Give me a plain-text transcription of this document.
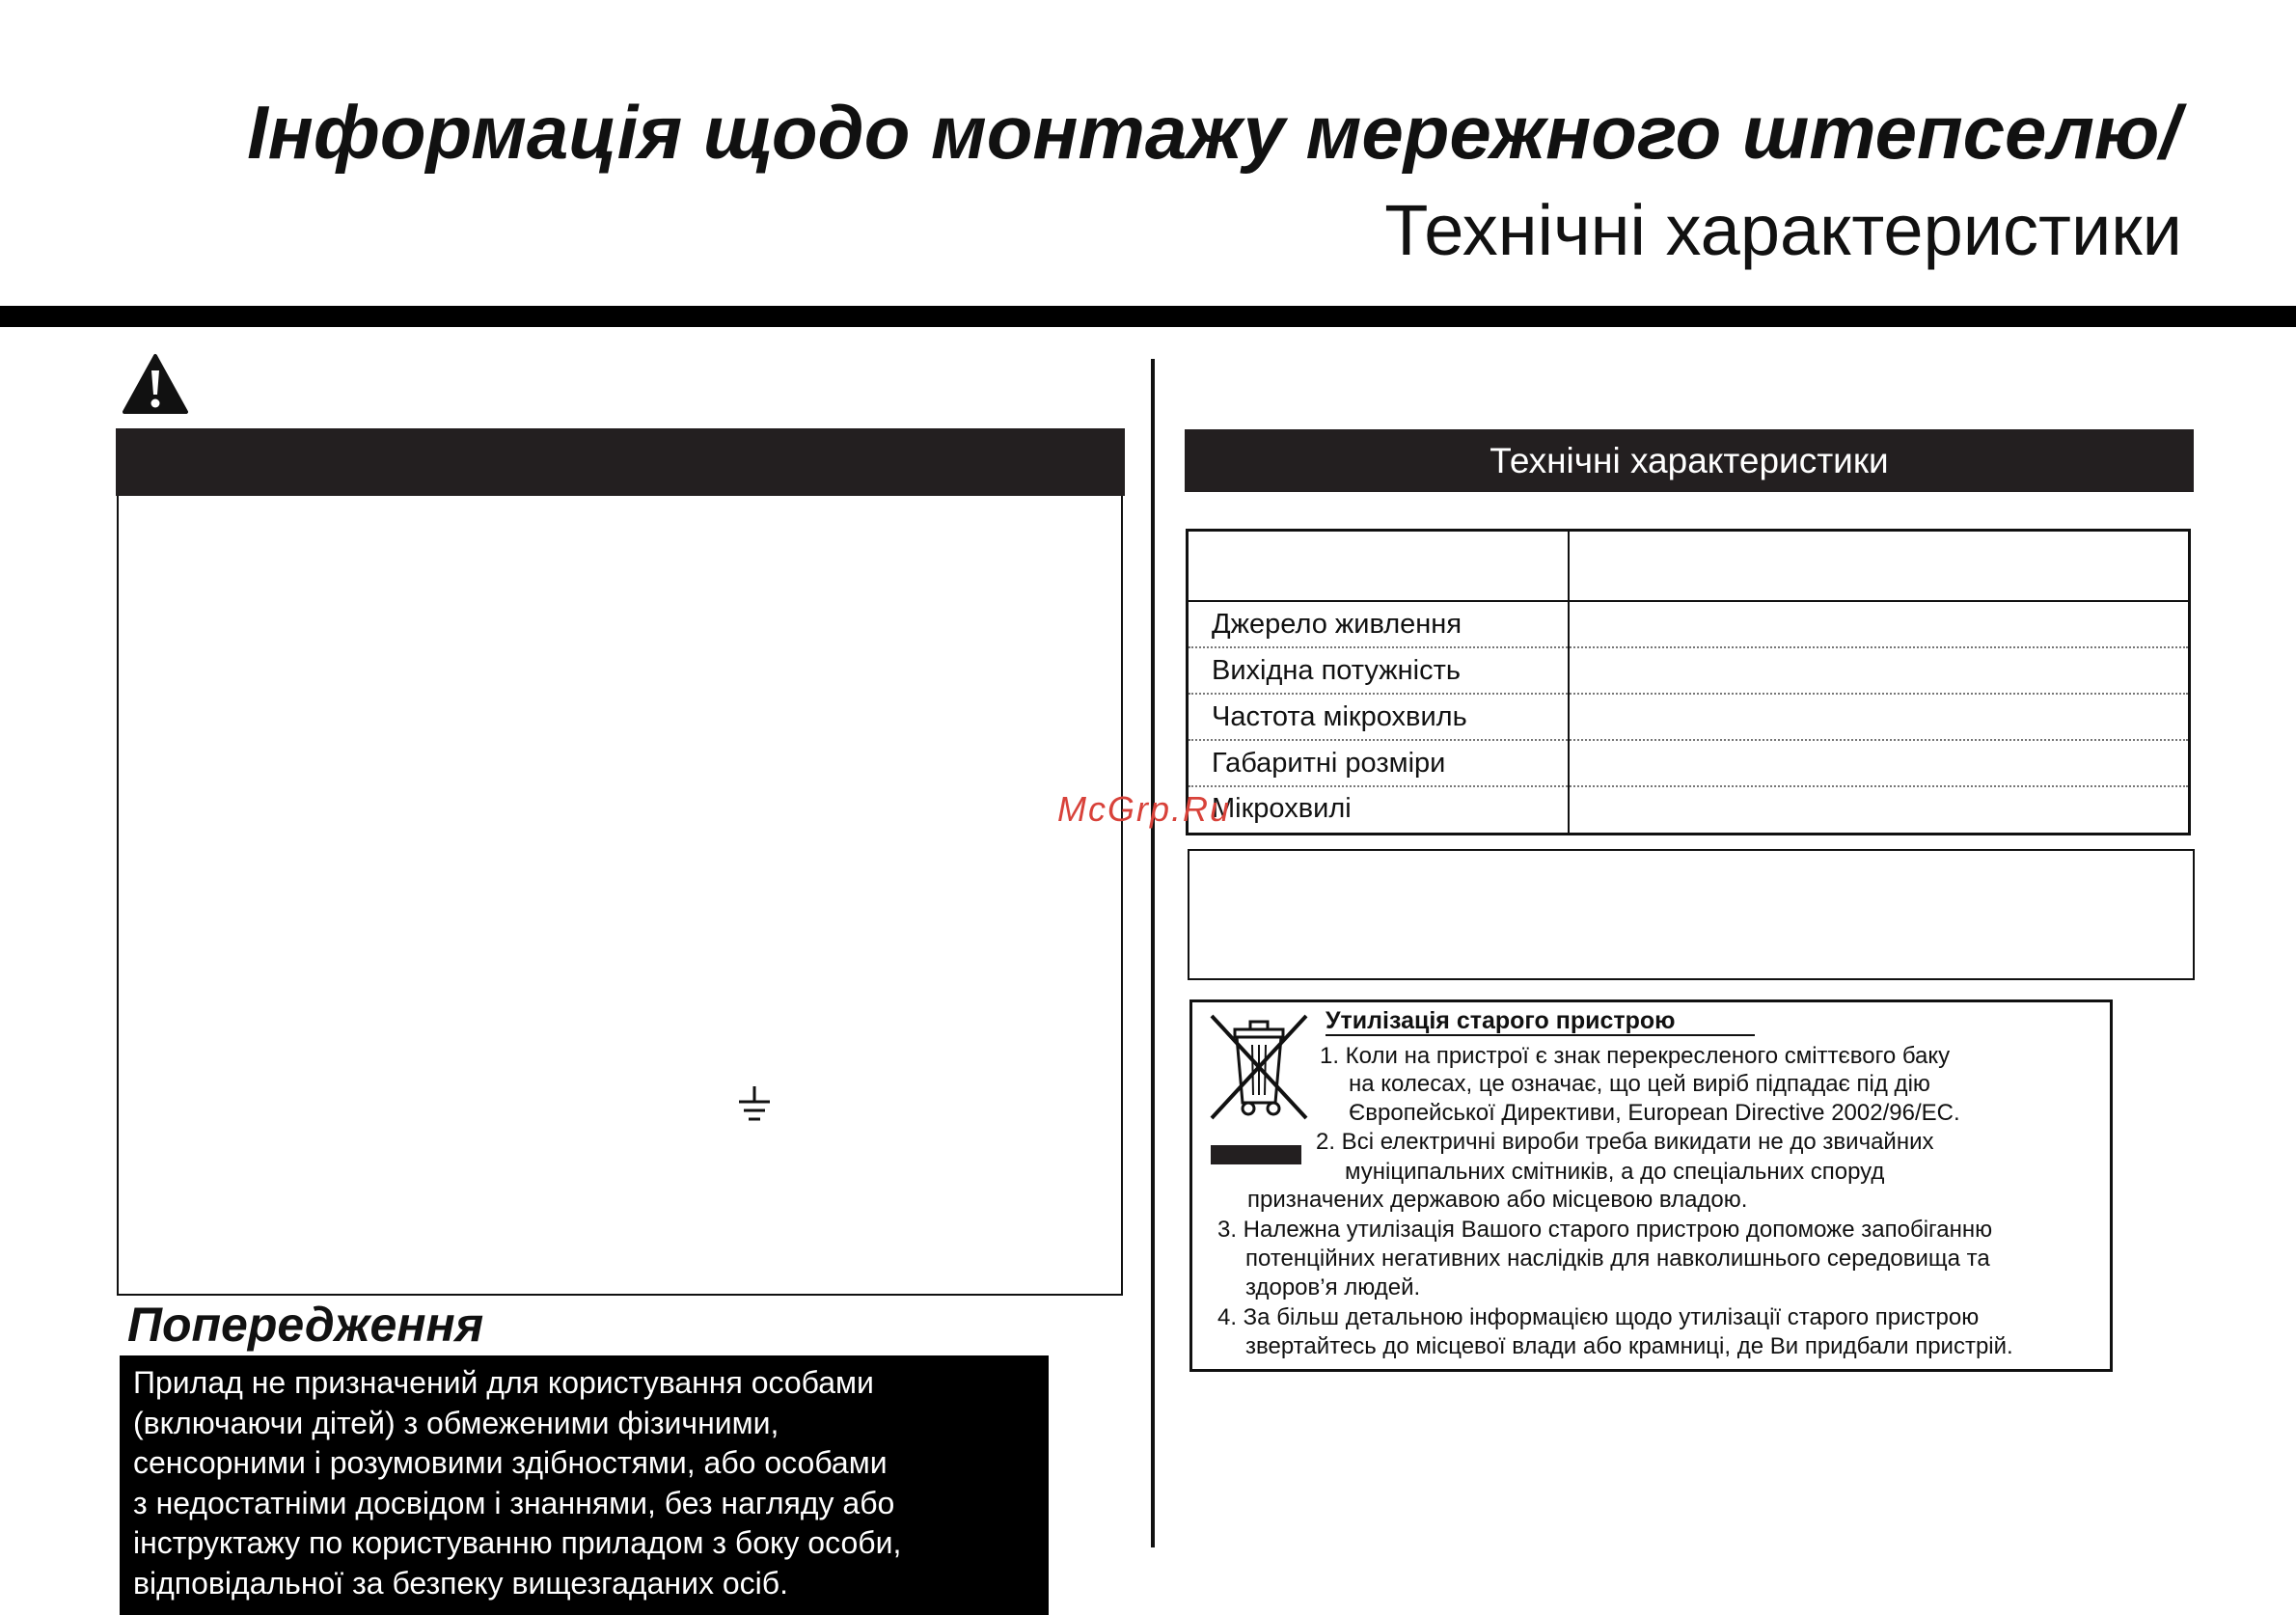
Інформація щодо монтажу мережного штепселю/
Технічні характеристики
Попередження
Прилад не призначений для користування особами
(включаючи дітей) з обмеженими фізичними,
сенсорними і розумовими здібностями, або особами
з недостатніми досвідом і знаннями, без нагляду або
інструктажу по користуванню приладом з боку особи,
відповідальної за безпеку вищезгаданих осіб.
Технічні характеристики
Джерело живлення
Вихідна потужність
Частота мікрохвиль
Габаритні розміри
Мікрохвилі
McGrp.Ru
Утилізація старого пристрою
1. Коли на пристрої є знак перекресленого сміттєвого баку
на колесах, це означає, що цей виріб підпадає під дію
Європейської Директиви, European Directive 2002/96/EC.
2. Всі електричні вироби треба викидати не до звичайних
муніципальних смітників, а до спеціальних споруд
призначених державою або місцевою владою.
3. Належна утилізація Вашого старого пристрою допоможе запобіганню
потенційних негативних наслідків для навколишнього середовища та
здоров’я людей.
4. За більш детальною інформацією щодо утилізації старого пристрою
звертайтесь до місцевої влади або крамниці, де Ви придбали пристрій.
